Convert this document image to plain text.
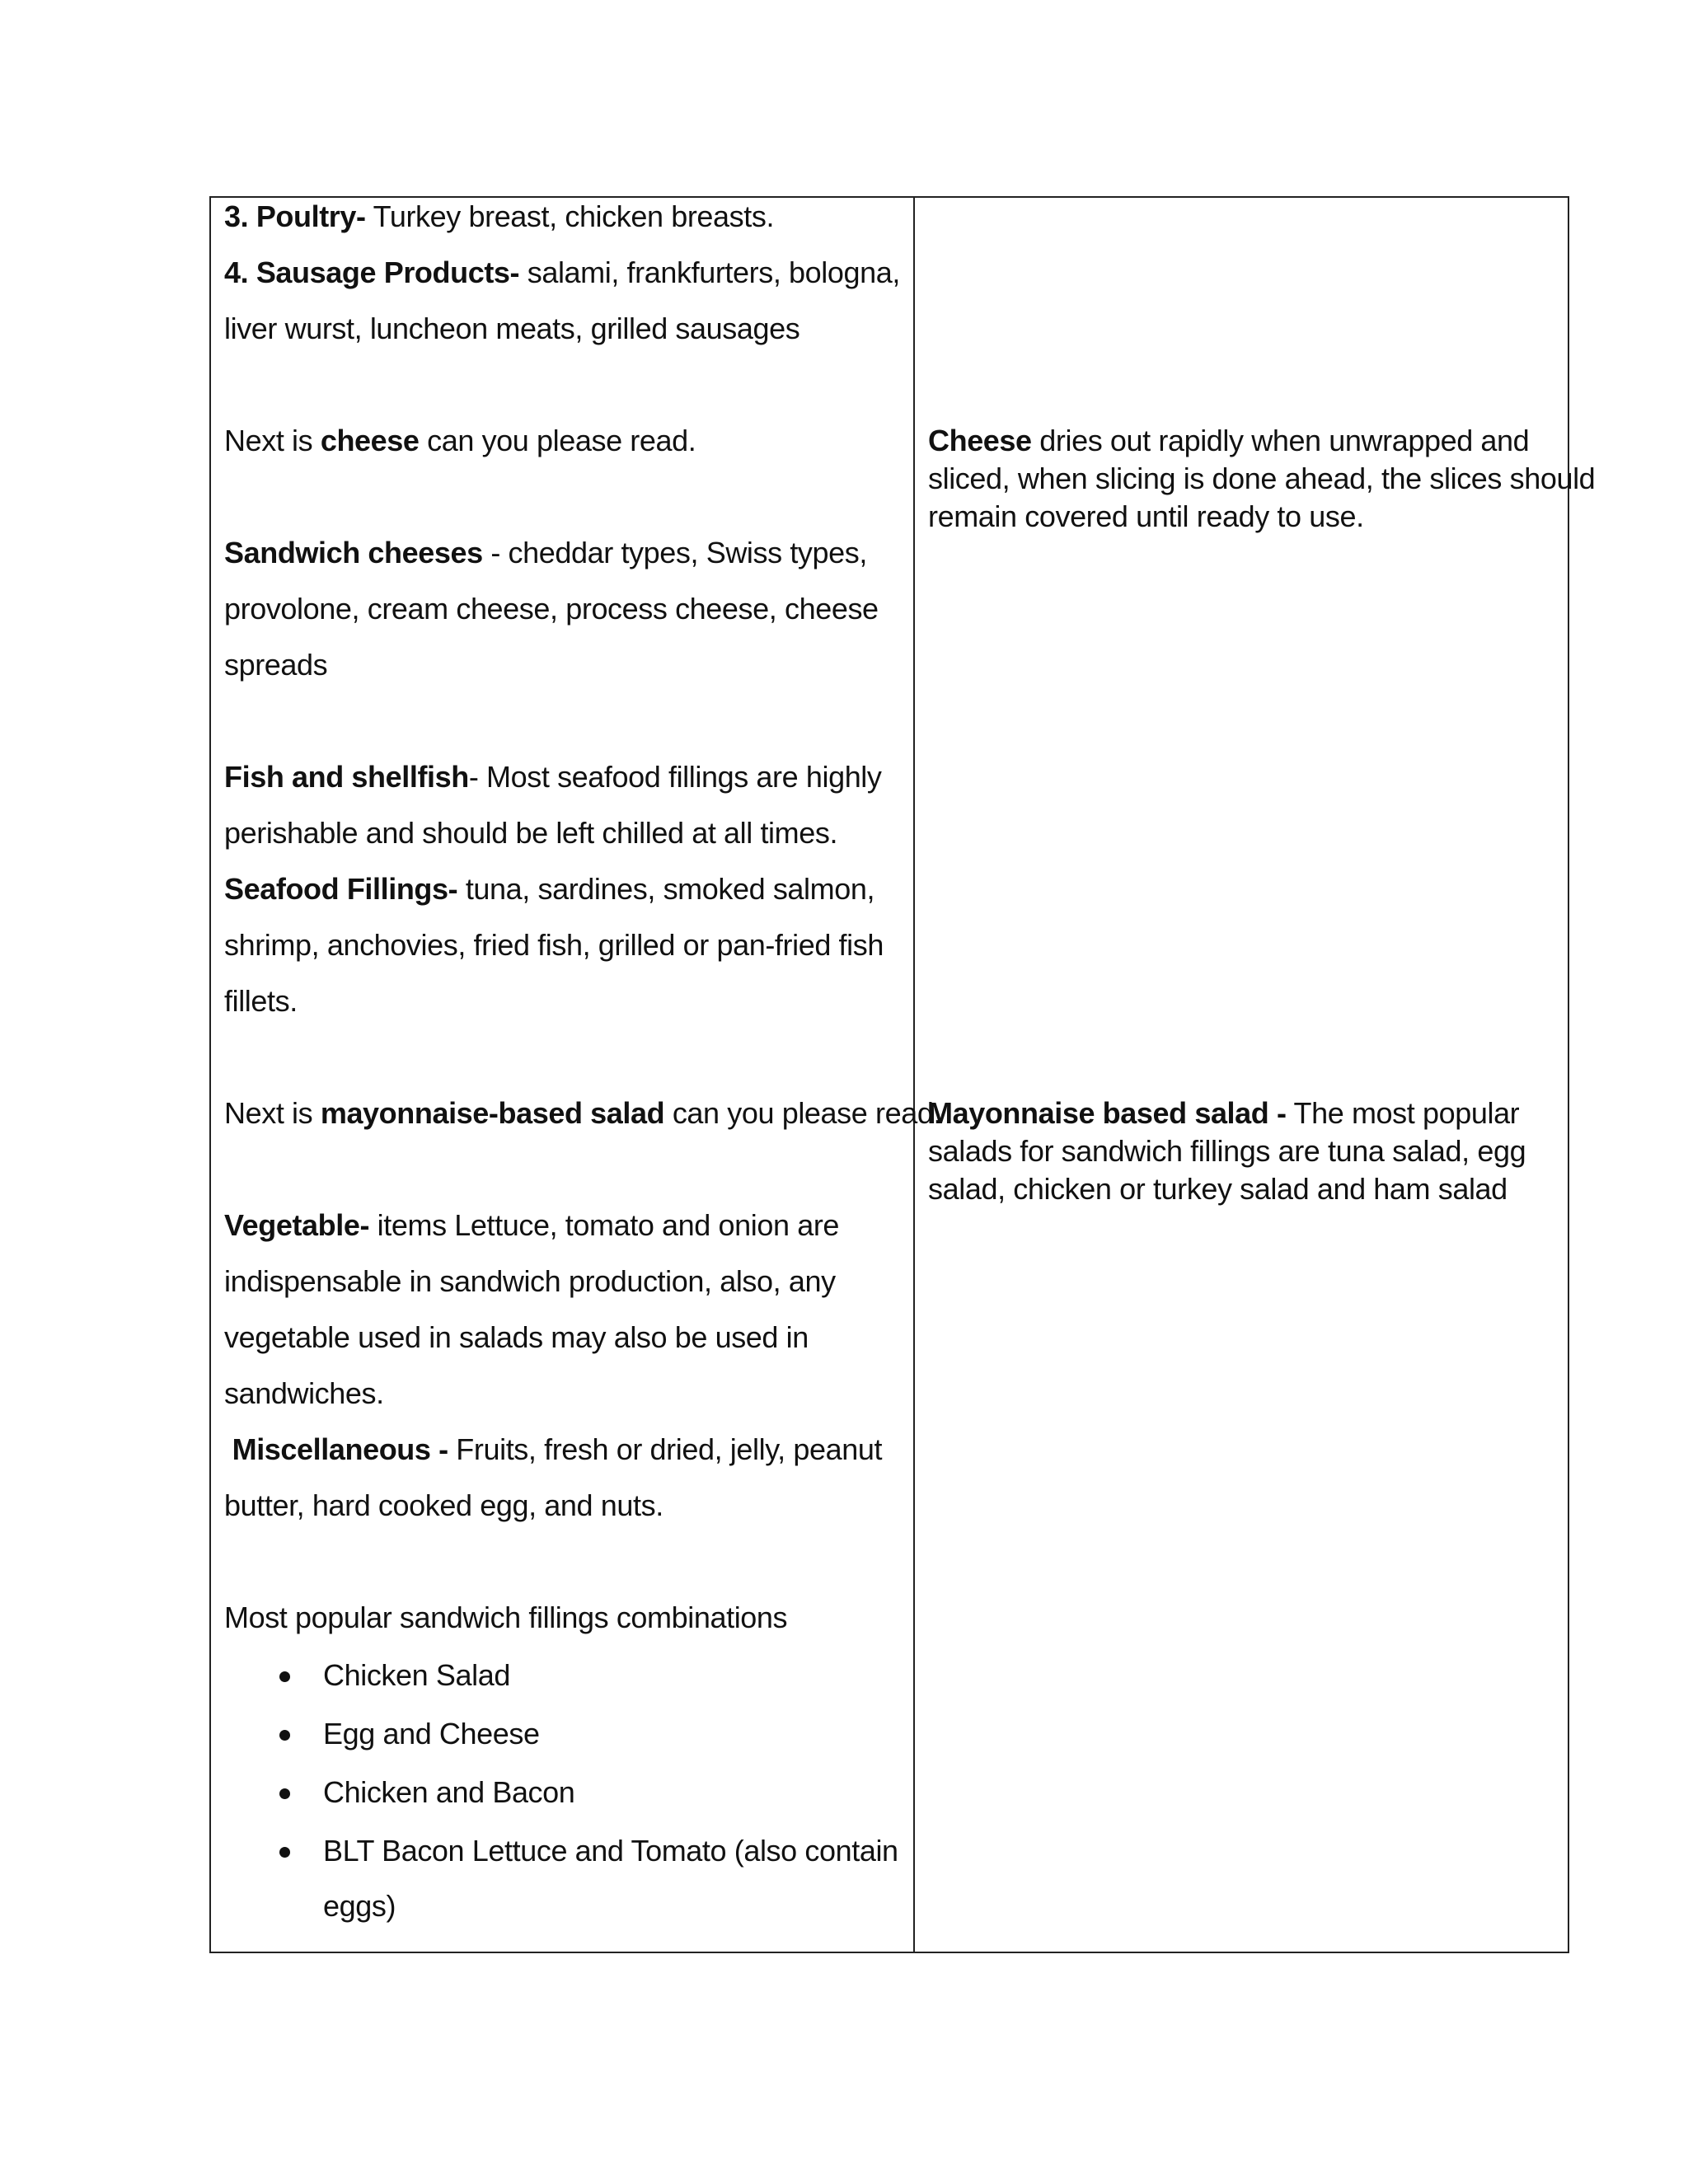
3. Poultry- Turkey breast, chicken breasts.

4. Sausage Products- salami, frankfurters, bologna,

liver wurst, luncheon meats, grilled sausages

Next is cheese can you please read.

Sandwich cheeses - cheddar types, Swiss types,

provolone, cream cheese, process cheese, cheese

spreads

Fish and shellfish- Most seafood fillings are highly

perishable and should be left chilled at all times.

Seafood Fillings- tuna, sardines, smoked salmon,

shrimp, anchovies, fried fish, grilled or pan-fried fish

fillets.

Next is mayonnaise-based salad can you please read.

Vegetable- items Lettuce, tomato and onion are

indispensable in sandwich production, also, any

vegetable used in salads may also be used in

sandwiches.

Miscellaneous - Fruits, fresh or dried, jelly, peanut

butter, hard cooked egg, and nuts.

Most popular sandwich fillings combinations

Chicken Salad

Egg and Cheese

Chicken and Bacon

BLT Bacon Lettuce and Tomato (also contain

eggs)

Cheese dries out rapidly when unwrapped and

sliced, when slicing is done ahead, the slices should

remain covered until ready to use.

Mayonnaise based salad - The most popular

salads for sandwich fillings are tuna salad, egg

salad, chicken or turkey salad and ham salad
